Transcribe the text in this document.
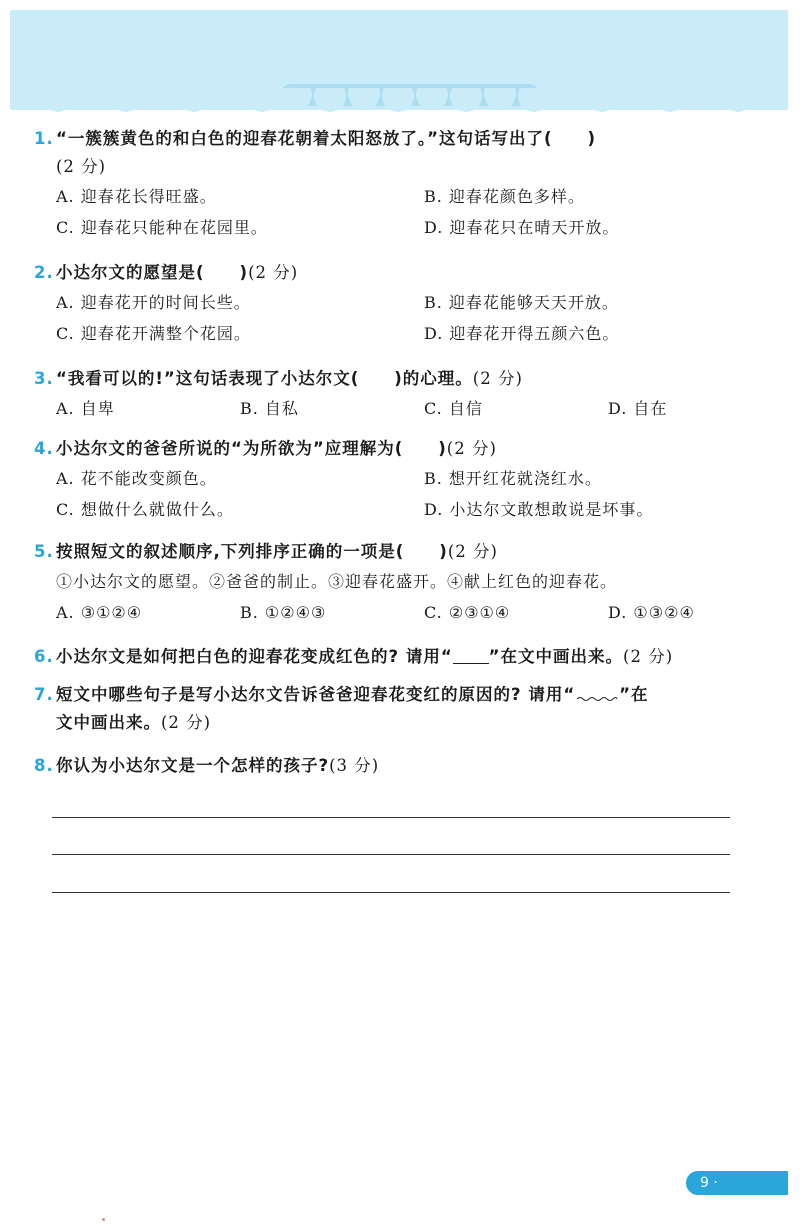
1. “一簇簇黄色的和白色的迎春花朝着太阳怒放了。”这句话写出了(　　)
(2 分)
A. 迎春花长得旺盛。	B. 迎春花颜色多样。
C. 迎春花只能种在花园里。	D. 迎春花只在晴天开放。
2. 小达尔文的愿望是(　　)(2 分)
A. 迎春花开的时间长些。	B. 迎春花能够天天开放。
C. 迎春花开满整个花园。	D. 迎春花开得五颜六色。
3. “我看可以的!”这句话表现了小达尔文(　　)的心理。(2 分)
A. 自卑	B. 自私	C. 自信	D. 自在
4. 小达尔文的爸爸所说的“为所欲为”应理解为(　　)(2 分)
A. 花不能改变颜色。	B. 想开红花就浇红水。
C. 想做什么就做什么。	D. 小达尔文敢想敢说是坏事。
5. 按照短文的叙述顺序,下列排序正确的一项是(　　)(2 分)
①小达尔文的愿望。②爸爸的制止。③迎春花盛开。④献上红色的迎春花。
A. ③①②④	B. ①②④③	C. ②③①④	D. ①③②④
6. 小达尔文是如何把白色的迎春花变成红色的? 请用“ ”在文中画出来。(2 分)
7. 短文中哪些句子是写小达尔文告诉爸爸迎春花变红的原因的? 请用“	”在
文中画出来。(2 分)
8. 你认为小达尔文是一个怎样的孩子?(3 分)
9 ·
